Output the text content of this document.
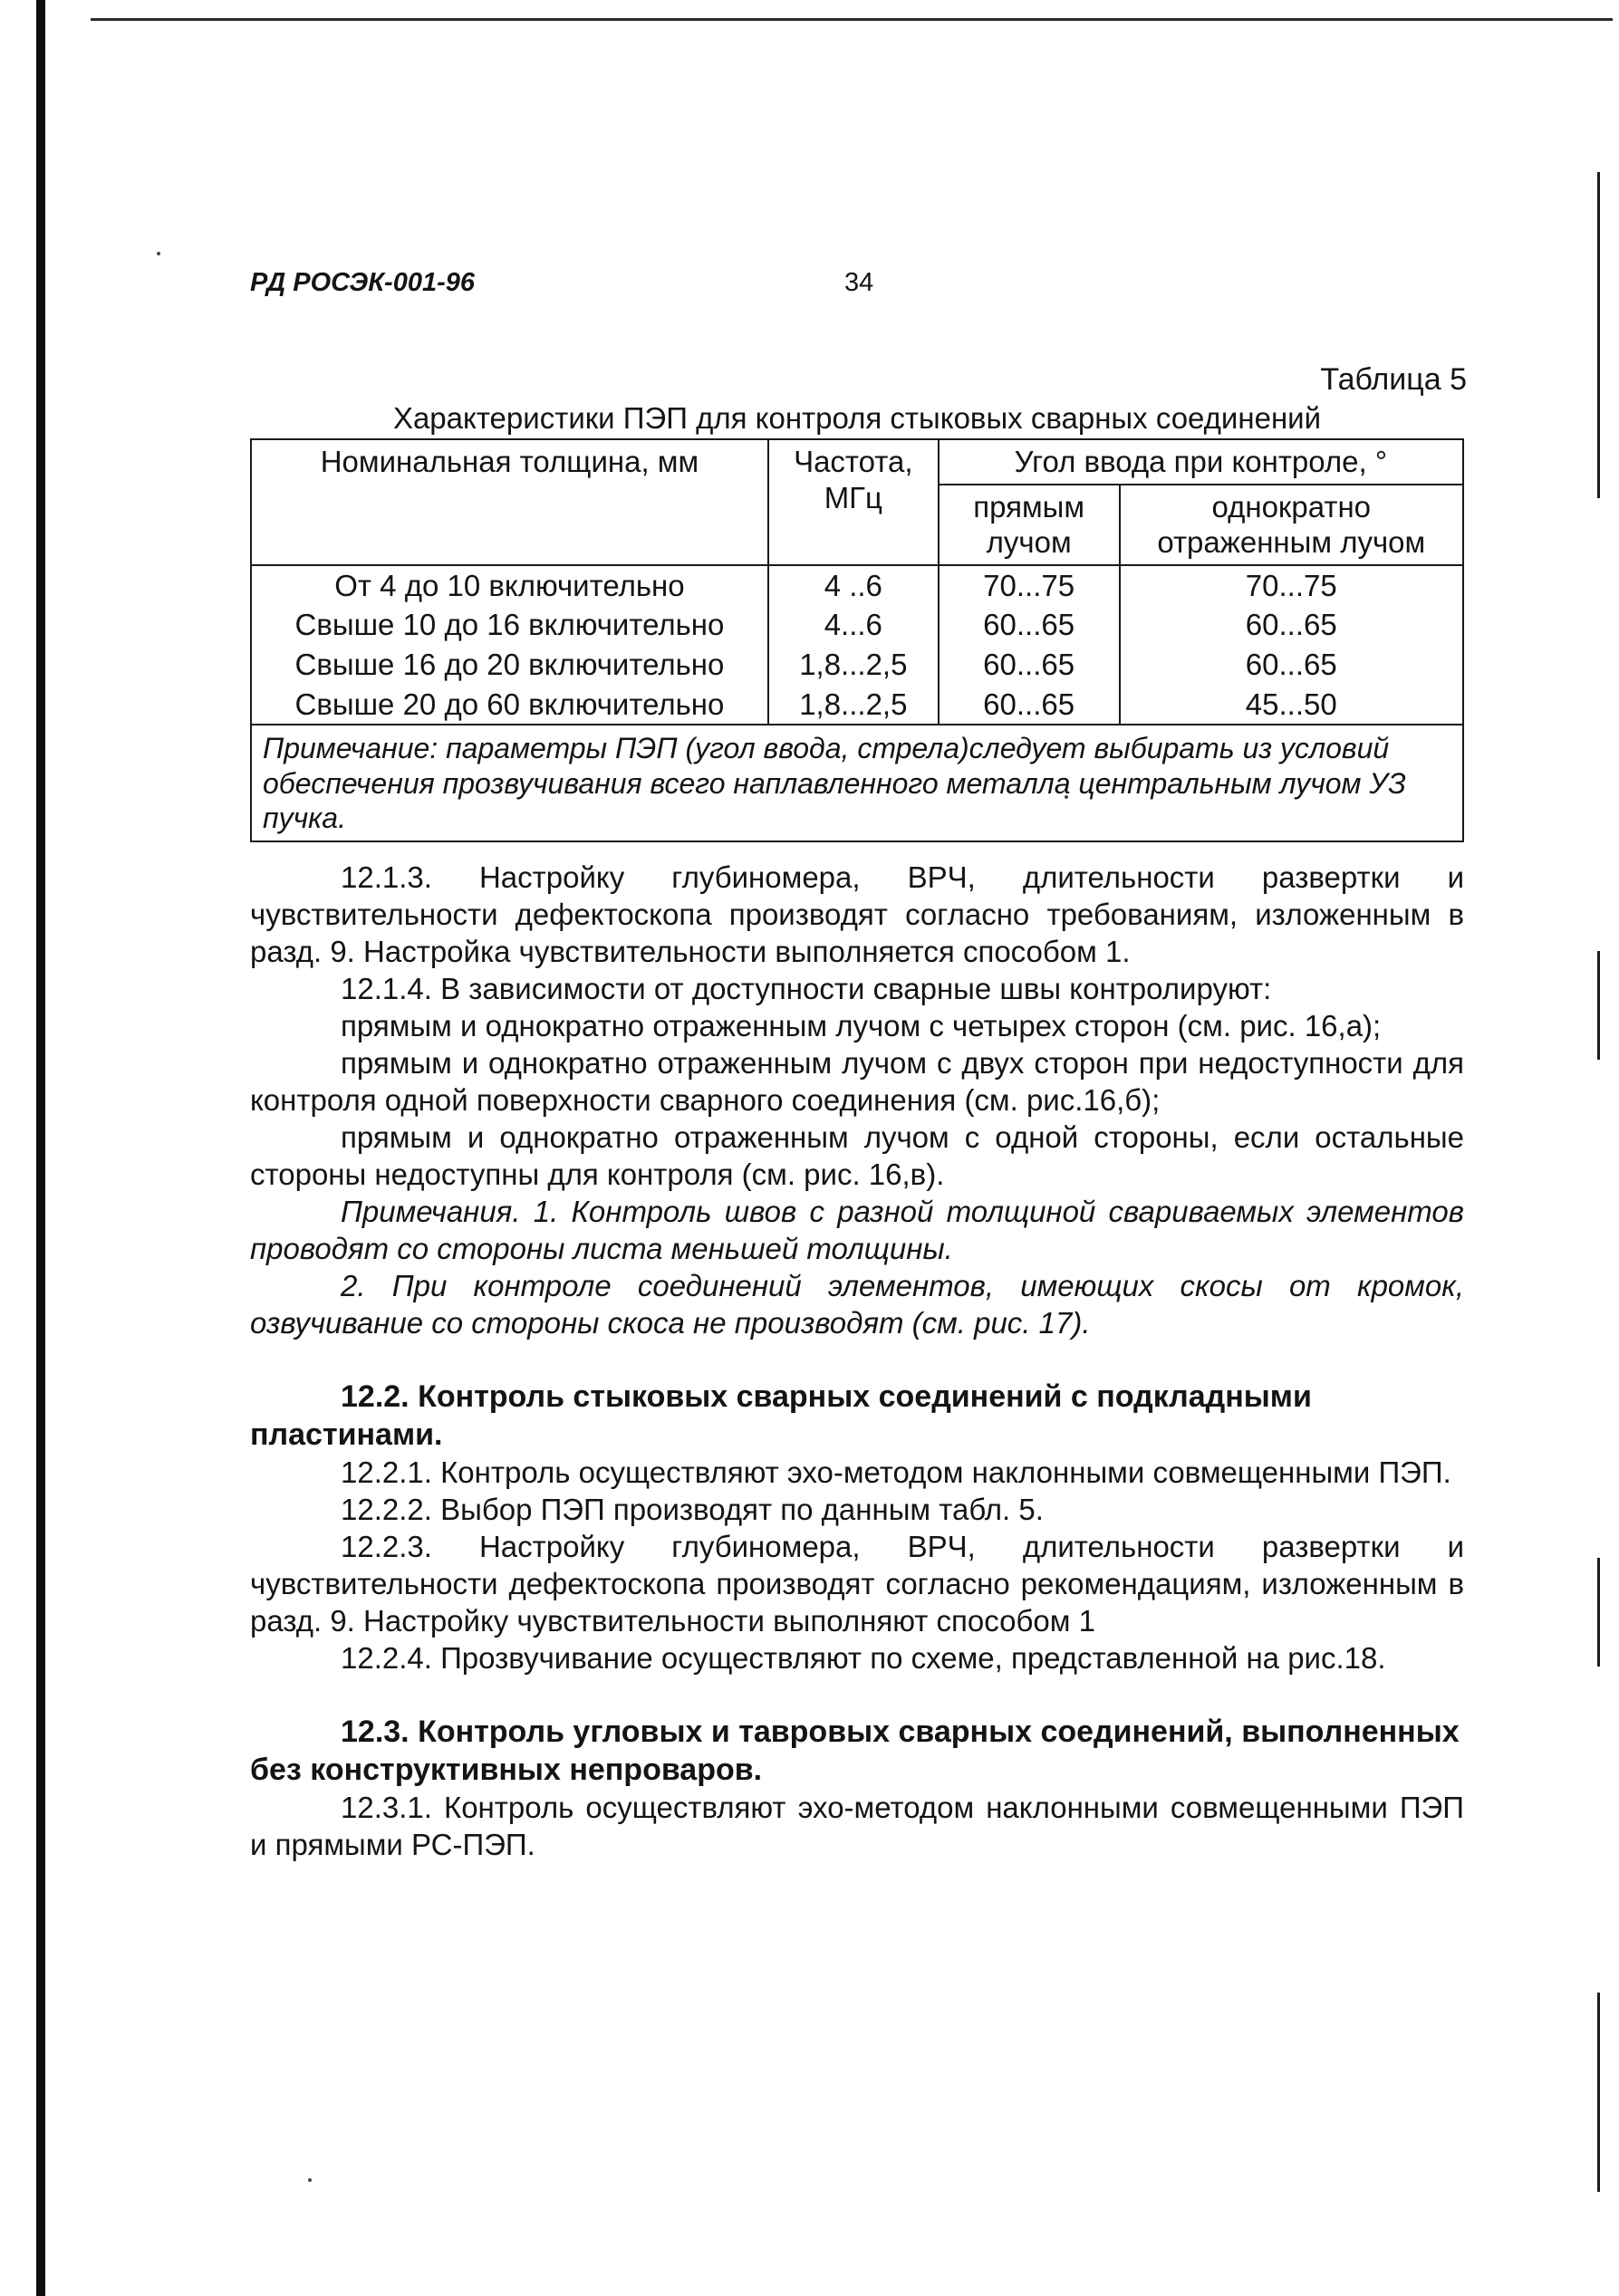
РД РОСЭК-001-96	34
Таблица 5
Характеристики ПЭП для контроля стыковых сварных соединений
Номинальная толщина, мм	Частота, МГц	Угол ввода при контроле, °	
		прямым лучом	однократно отраженным лучом
От 4 до 10 включительно	4 ..6	70...75	70...75
Свыше 10 до 16 включительно	4...6	60...65	60...65
Свыше 16 до 20 включительно	1,8...2,5	60...65	60...65
Свыше 20 до 60 включительно	1,8...2,5	60...65	45...50
Примечание: параметры ПЭП (угол ввода, стрела)следует выбирать из условий обеспечения прозвучивания всего наплавленного металла центральным лучом УЗ пучка.			

12.1.3. Настройку глубиномера, ВРЧ, длительности развертки и чувствительности дефектоскопа производят согласно требованиям, изложенным в разд. 9. Настройка чувствительности выполняется способом 1.

12.1.4. В зависимости от доступности сварные швы контролируют:

прямым и однократно отраженным лучом с четырех сторон (см. рис. 16,а);

прямым и однократно отраженным лучом с двух сторон при недоступности для контроля одной поверхности сварного соединения (см. рис.16,б);

прямым и однократно отраженным лучом с одной стороны, если остальные стороны недоступны для контроля (см. рис. 16,в).

Примечания. 1. Контроль швов с разной толщиной свариваемых элементов проводят со стороны листа меньшей толщины.

2. При контроле соединений элементов, имеющих скосы от кромок, озвучивание со стороны скоса не производят (см. рис. 17).

12.2. Контроль стыковых сварных соединений с подкладными пластинами.

12.2.1. Контроль осуществляют эхо-методом наклонными совмещенными ПЭП.

12.2.2. Выбор ПЭП производят по данным табл. 5.

12.2.3. Настройку глубиномера, ВРЧ, длительности развертки и чувствительности дефектоскопа производят согласно рекомендациям, изложенным в разд. 9. Настройку чувствительности выполняют способом 1

12.2.4. Прозвучивание осуществляют по схеме, представленной на рис.18.

12.3. Контроль угловых и тавровых сварных соединений, выполненных без конструктивных непроваров.

12.3.1. Контроль осуществляют эхо-методом наклонными совмещенными ПЭП и прямыми РС-ПЭП.
